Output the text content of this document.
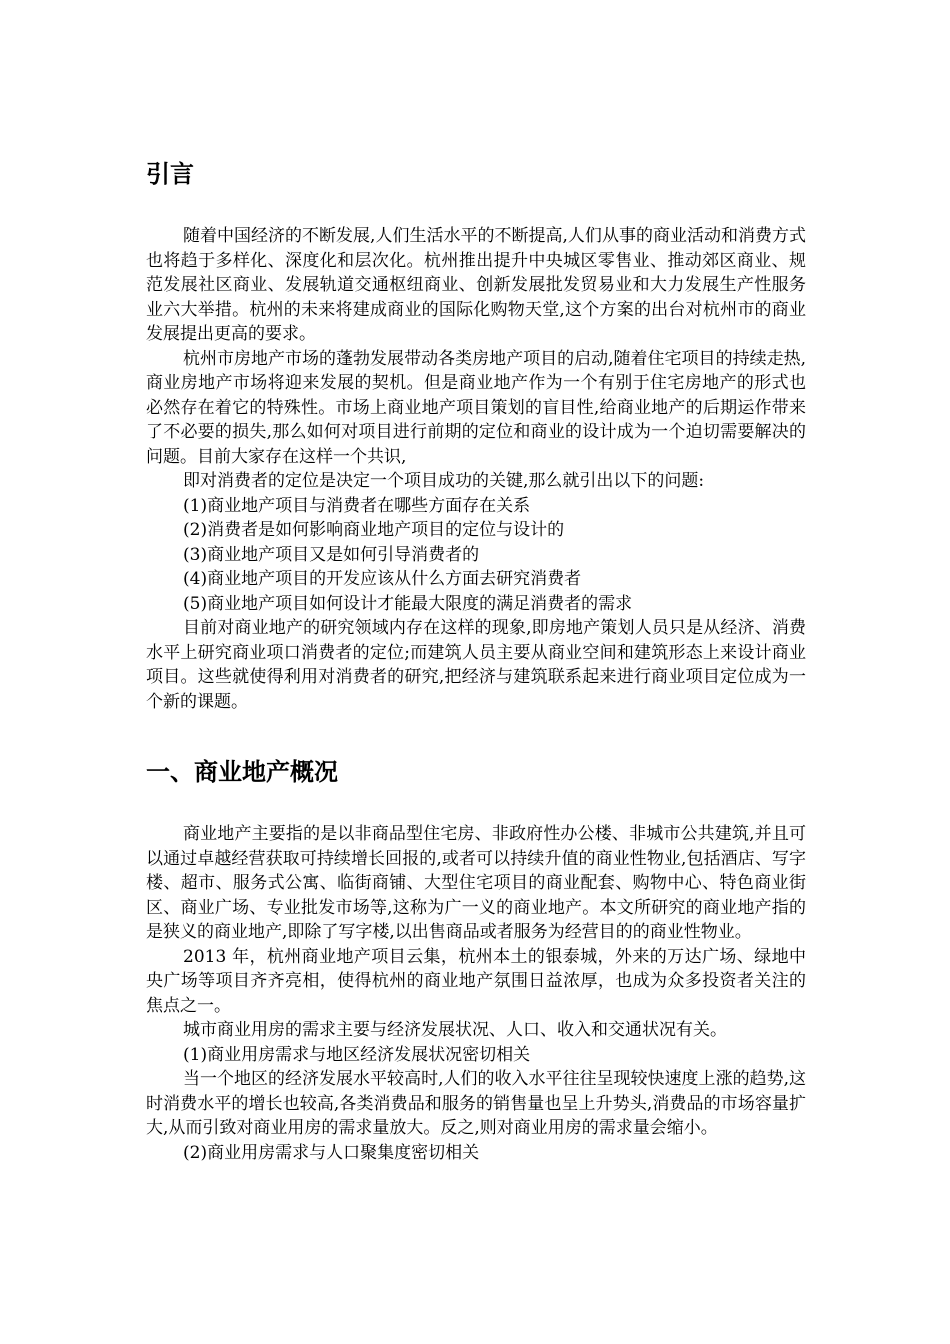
引言

随着中国经济的不断发展,人们生活水平的不断提高,人们从事的商业活动和消费方式也将趋于多样化、深度化和层次化。杭州推出提升中央城区零售业、推动郊区商业、规范发展社区商业、发展轨道交通枢纽商业、创新发展批发贸易业和大力发展生产性服务业六大举措。杭州的未来将建成商业的国际化购物天堂,这个方案的出台对杭州市的商业发展提出更高的要求。

杭州市房地产市场的蓬勃发展带动各类房地产项目的启动,随着住宅项目的持续走热,商业房地产市场将迎来发展的契机。但是商业地产作为一个有别于住宅房地产的形式也必然存在着它的特殊性。市场上商业地产项目策划的盲目性,给商业地产的后期运作带来了不必要的损失,那么如何对项目进行前期的定位和商业的设计成为一个迫切需要解决的问题。目前大家存在这样一个共识,

即对消费者的定位是决定一个项目成功的关键,那么就引出以下的问题:

(1)商业地产项目与消费者在哪些方面存在关系

(2)消费者是如何影响商业地产项目的定位与设计的

(3)商业地产项目又是如何引导消费者的

(4)商业地产项目的开发应该从什么方面去研究消费者

(5)商业地产项目如何设计才能最大限度的满足消费者的需求

目前对商业地产的研究领域内存在这样的现象,即房地产策划人员只是从经济、消费水平上研究商业项口消费者的定位;而建筑人员主要从商业空间和建筑形态上来设计商业项目。这些就使得利用对消费者的研究,把经济与建筑联系起来进行商业项目定位成为一个新的课题。

一、商业地产概况

商业地产主要指的是以非商品型住宅房、非政府性办公楼、非城市公共建筑,并且可以通过卓越经营获取可持续增长回报的,或者可以持续升值的商业性物业,包括酒店、写字楼、超市、服务式公寓、临街商铺、大型住宅项目的商业配套、购物中心、特色商业街区、商业广场、专业批发市场等,这称为广一义的商业地产。本文所研究的商业地产指的是狭义的商业地产,即除了写字楼,以出售商品或者服务为经营目的的商业性物业。

2013 年，杭州商业地产项目云集，杭州本土的银泰城，外来的万达广场、绿地中央广场等项目齐齐亮相，使得杭州的商业地产氛围日益浓厚，也成为众多投资者关注的焦点之一。

城市商业用房的需求主要与经济发展状况、人口、收入和交通状况有关。

(1)商业用房需求与地区经济发展状况密切相关

当一个地区的经济发展水平较高时,人们的收入水平往往呈现较快速度上涨的趋势,这时消费水平的增长也较高,各类消费品和服务的销售量也呈上升势头,消费品的市场容量扩大,从而引致对商业用房的需求量放大。反之,则对商业用房的需求量会缩小。

(2)商业用房需求与人口聚集度密切相关
